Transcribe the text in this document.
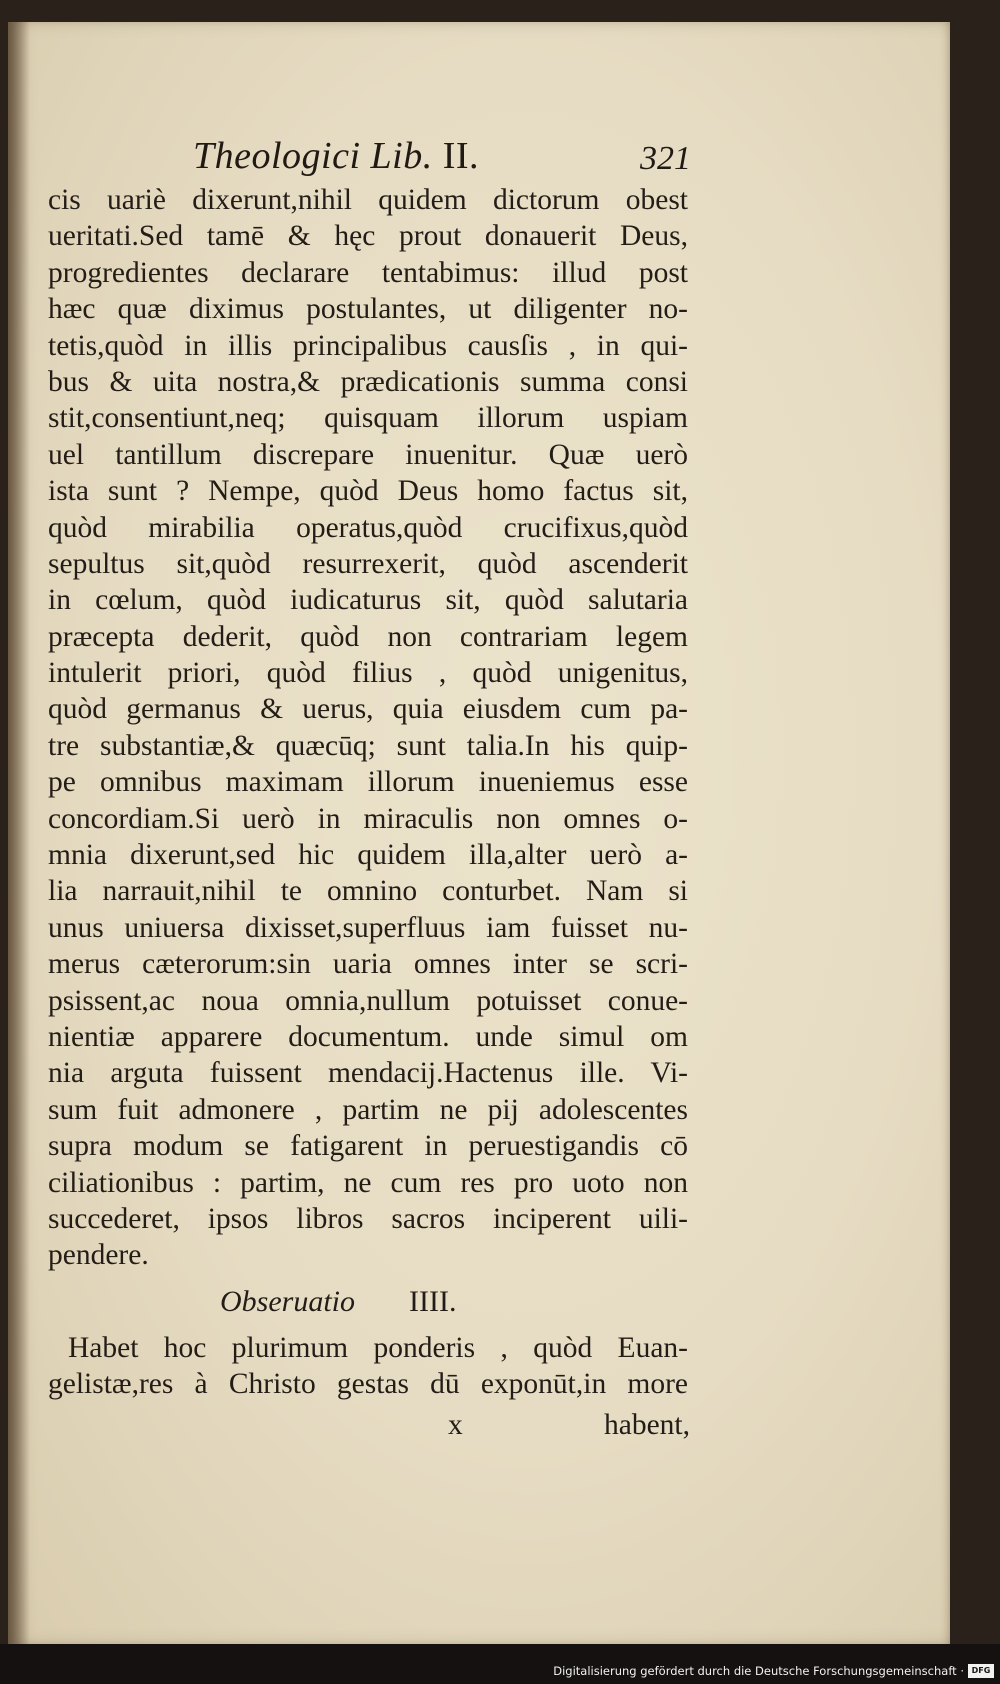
Theologici Lib. II.	321
cis uariè dixerunt,nihil quidem dictorum obest
ueritati.Sed tamē & hęc prout donauerit Deus,
progredientes declarare tentabimus: illud post
hæc quæ diximus postulantes, ut diligenter no-
tetis,quòd in illis principalibus causſis , in qui-
bus & uita nostra,& prædicationis summa consi
stit,consentiunt,neq; quisquam illorum uspiam
uel tantillum discrepare inuenitur. Quæ uerò
ista sunt ? Nempe, quòd Deus homo factus sit,
quòd mirabilia operatus,quòd crucifixus,quòd
sepultus sit,quòd resurrexerit, quòd ascenderit
in cœlum, quòd iudicaturus sit, quòd salutaria
præcepta dederit, quòd non contrariam legem
intulerit priori, quòd filius , quòd unigenitus,
quòd germanus & uerus, quia eiusdem cum pa-
tre substantiæ,& quæcūq; sunt talia.In his quip-
pe omnibus maximam illorum inueniemus esse
concordiam.Si uerò in miraculis non omnes o-
mnia dixerunt,sed hic quidem illa,alter uerò a-
lia narrauit,nihil te omnino conturbet. Nam si
unus uniuersa dixisset,superfluus iam fuisset nu-
merus cæterorum:sin uaria omnes inter se scri-
psissent,ac noua omnia,nullum potuisset conue-
nientiæ apparere documentum. unde simul om
nia arguta fuissent mendacij.Hactenus ille. Vi-
sum fuit admonere , partim ne pij adolescentes
supra modum se fatigarent in peruestigandis cō
ciliationibus : partim, ne cum res pro uoto non
succederet, ipsos libros sacros inciperent uili-
pendere.
Obseruatio IIII.
Habet hoc plurimum ponderis , quòd Euan-
gelistæ,res à Christo gestas dū exponūt,in more
x	habent,
Digitalisierung gefördert durch die Deutsche Forschungsgemeinschaft · DFG
